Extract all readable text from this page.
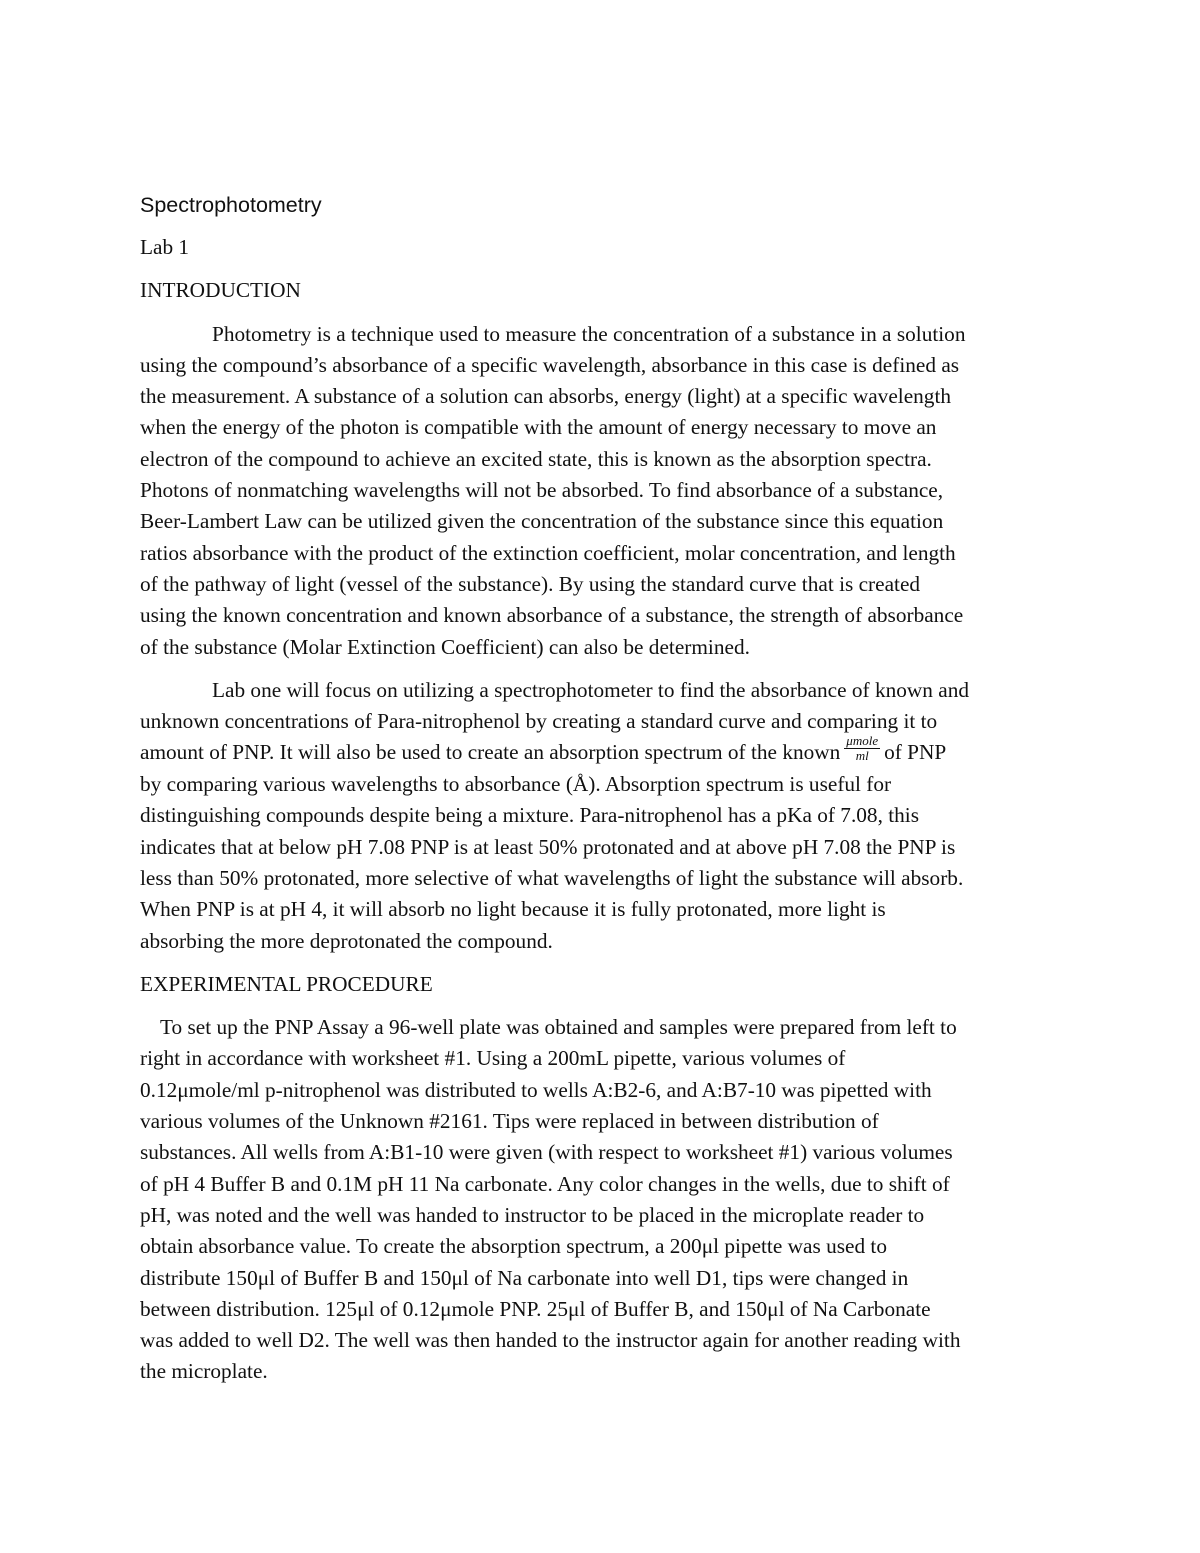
Spectrophotometry
Lab 1
INTRODUCTION
Photometry is a technique used to measure the concentration of a substance in a solution
using the compound’s absorbance of a specific wavelength, absorbance in this case is defined as
the measurement. A substance of a solution can absorbs, energy (light) at a specific wavelength
when the energy of the photon is compatible with the amount of energy necessary to move an
electron of the compound to achieve an excited state, this is known as the absorption spectra.
Photons of nonmatching wavelengths will not be absorbed. To find absorbance of a substance,
Beer-Lambert Law can be utilized given the concentration of the substance since this equation
ratios absorbance with the product of the extinction coefficient, molar concentration, and length
of the pathway of light (vessel of the substance). By using the standard curve that is created
using the known concentration and known absorbance of a substance, the strength of absorbance
of the substance (Molar Extinction Coefficient) can also be determined.
Lab one will focus on utilizing a spectrophotometer to find the absorbance of known and
unknown concentrations of Para-nitrophenol by creating a standard curve and comparing it to
amount of PNP. It will also be used to create an absorption spectrum of the known $\frac{\text{μmole}}{ml}$ of PNP
by comparing various wavelengths to absorbance (Å). Absorption spectrum is useful for
distinguishing compounds despite being a mixture. Para-nitrophenol has a pKa of 7.08, this
indicates that at below pH 7.08 PNP is at least 50% protonated and at above pH 7.08 the PNP is
less than 50% protonated, more selective of what wavelengths of light the substance will absorb.
When PNP is at pH 4, it will absorb no light because it is fully protonated, more light is
absorbing the more deprotonated the compound.
EXPERIMENTAL PROCEDURE
To set up the PNP Assay a 96-well plate was obtained and samples were prepared from left to
right in accordance with worksheet #1. Using a 200mL pipette, various volumes of
0.12μmole/ml p-nitrophenol was distributed to wells A:B2-6, and A:B7-10 was pipetted with
various volumes of the Unknown #2161. Tips were replaced in between distribution of
substances. All wells from A:B1-10 were given (with respect to worksheet #1) various volumes
of pH 4 Buffer B and 0.1M pH 11 Na carbonate. Any color changes in the wells, due to shift of
pH, was noted and the well was handed to instructor to be placed in the microplate reader to
obtain absorbance value. To create the absorption spectrum, a 200μl pipette was used to
distribute 150μl of Buffer B and 150μl of Na carbonate into well D1, tips were changed in
between distribution. 125μl of 0.12μmole PNP. 25μl of Buffer B, and 150μl of Na Carbonate
was added to well D2. The well was then handed to the instructor again for another reading with
the microplate.
